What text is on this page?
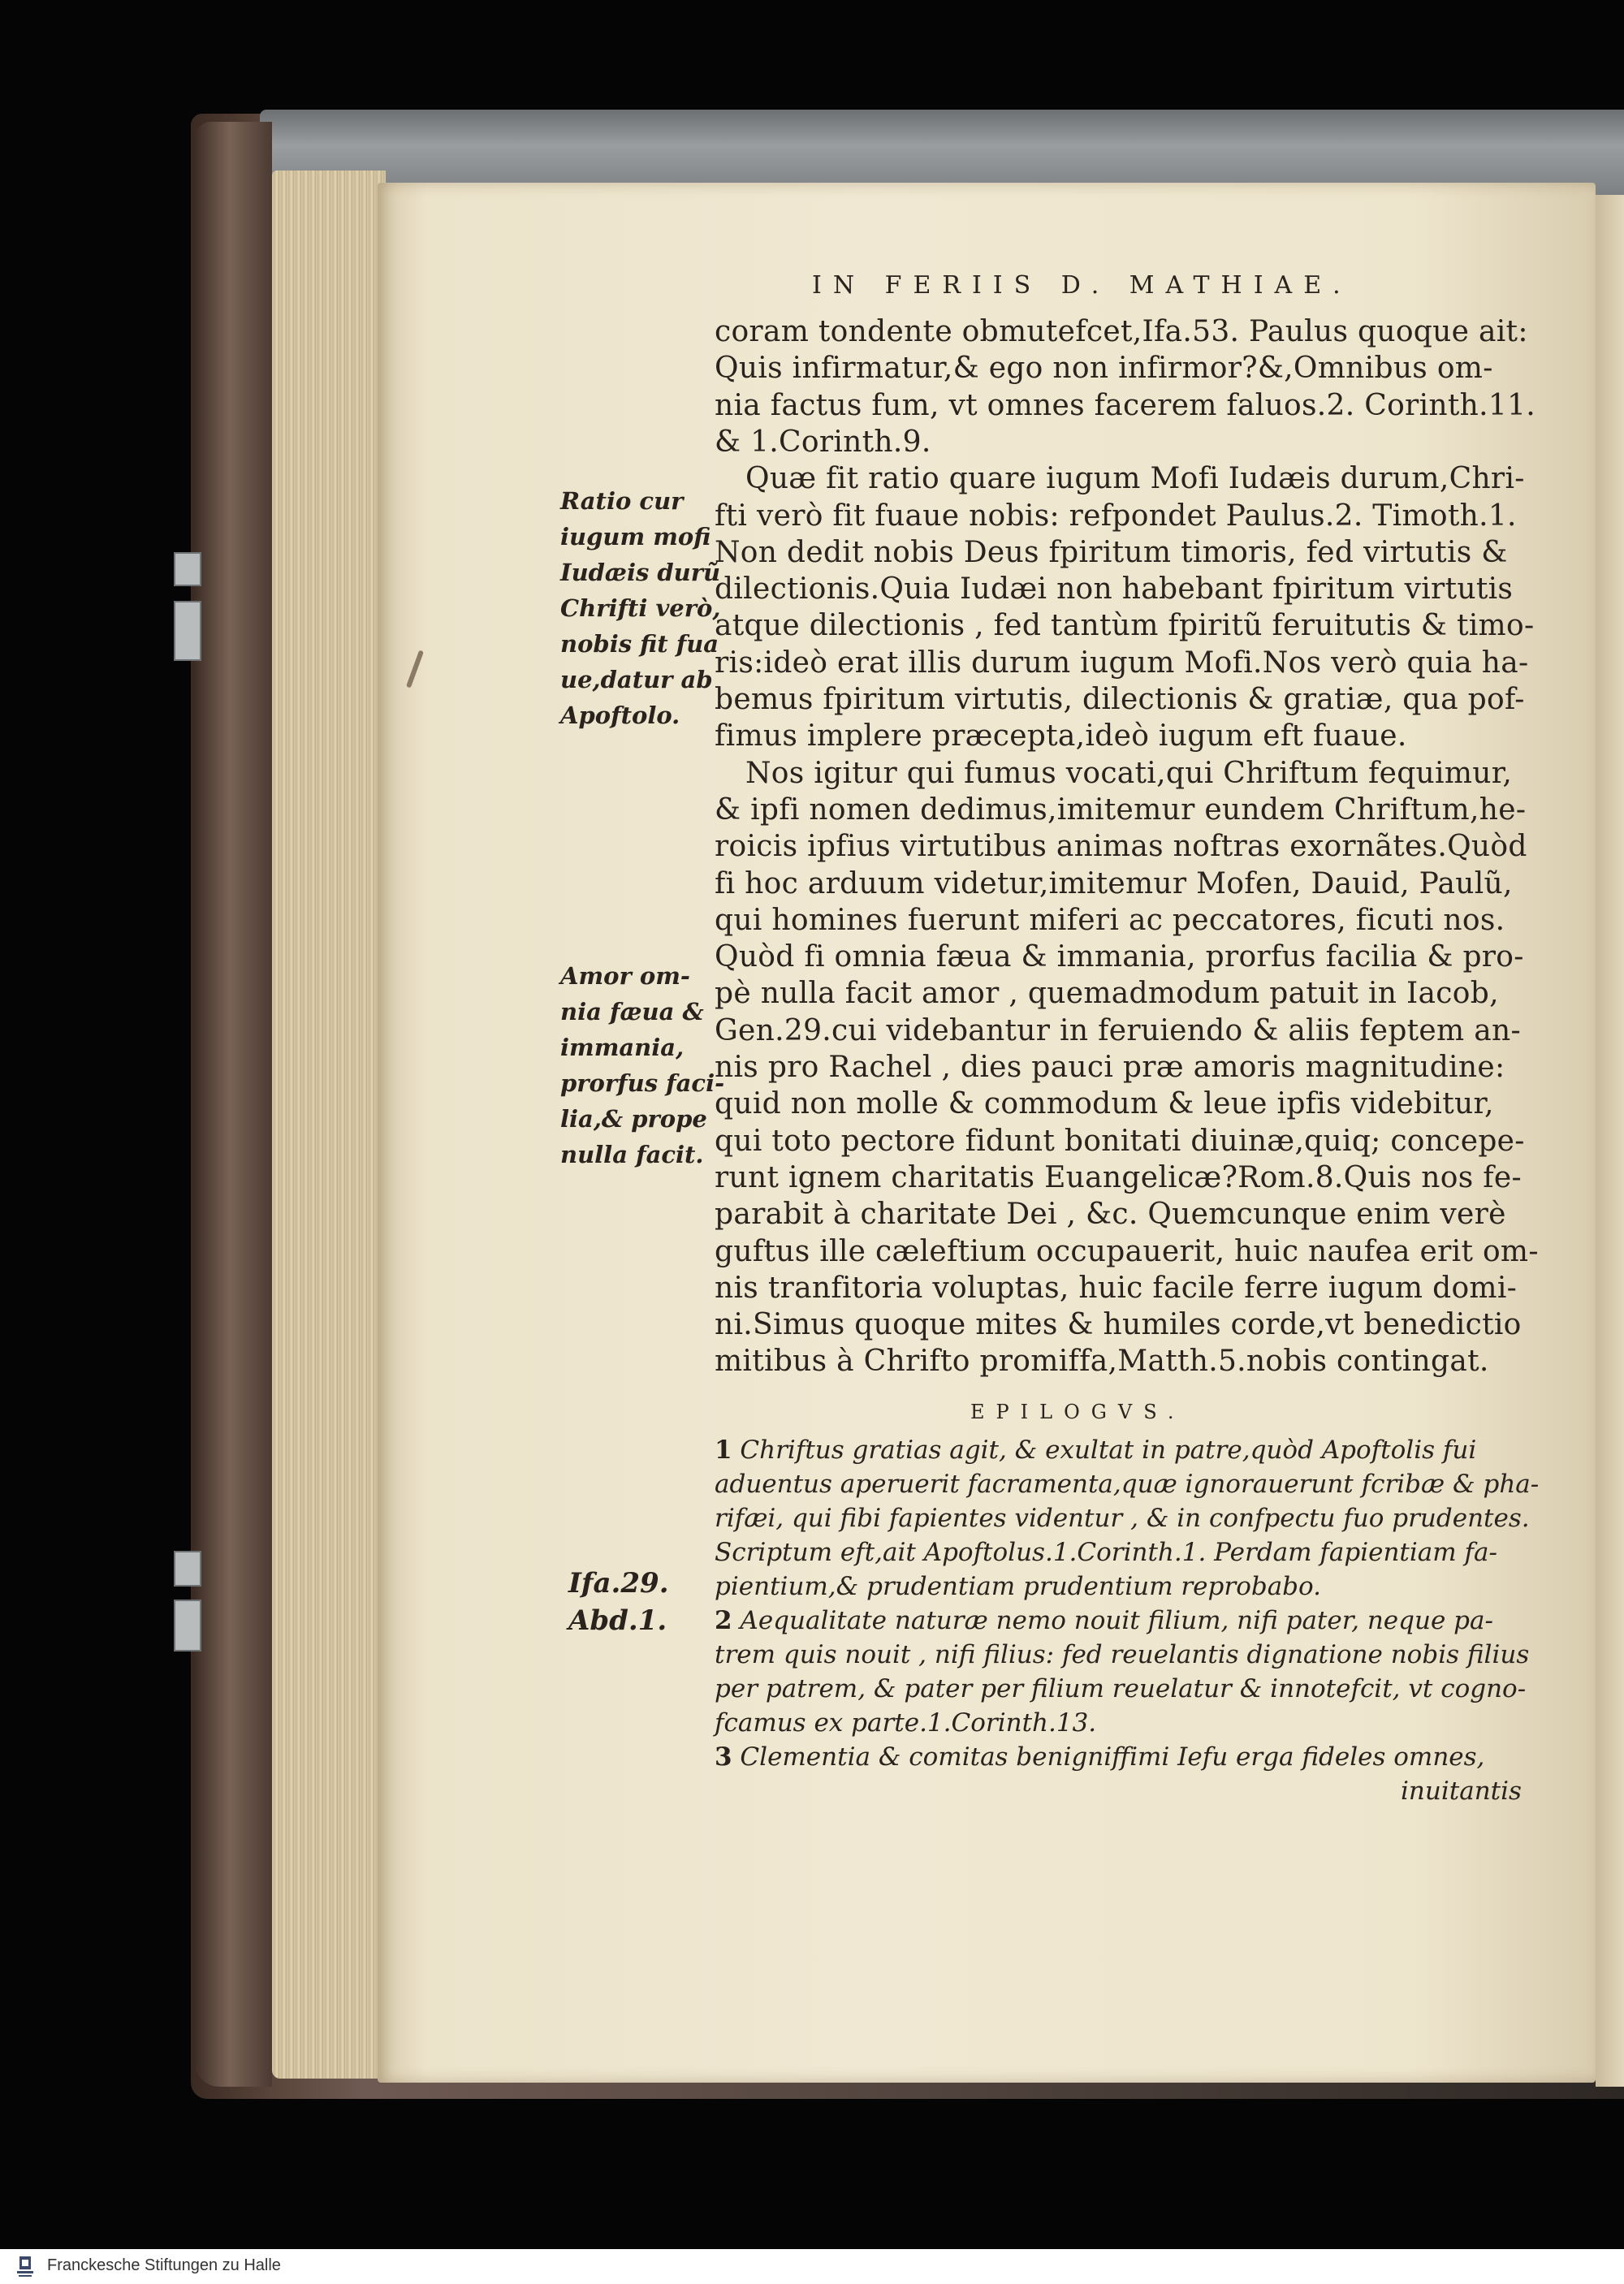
IN FERIIS D. MATHIAE.
coram tondente obmutefcet,Ifa.53. Paulus quoque ait:
Quis infirmatur,& ego non infirmor?&,Omnibus om-
nia factus fum, vt omnes facerem faluos.2. Corinth.11.
& 1.Corinth.9.
Quæ fit ratio quare iugum Mofi Iudæis durum,Chri-
fti verò fit fuaue nobis: refpondet Paulus.2. Timoth.1.
Non dedit nobis Deus fpiritum timoris, fed virtutis &
dilectionis.Quia Iudæi non habebant fpiritum virtutis
atque dilectionis , fed tantùm fpiritũ feruitutis & timo-
ris:ideò erat illis durum iugum Mofi.Nos verò quia ha-
bemus fpiritum virtutis, dilectionis & gratiæ, qua pof-
fimus implere præcepta,ideò iugum eft fuaue.
Nos igitur qui fumus vocati,qui Chriftum fequimur,
& ipfi nomen dedimus,imitemur eundem Chriftum,he-
roicis ipfius virtutibus animas noftras exornãtes.Quòd
fi hoc arduum videtur,imitemur Mofen, Dauid, Paulũ,
qui homines fuerunt miferi ac peccatores, ficuti nos.
Quòd fi omnia fæua & immania, prorfus facilia & pro-
pè nulla facit amor , quemadmodum patuit in Iacob,
Gen.29.cui videbantur in feruiendo & aliis feptem an-
nis pro Rachel , dies pauci præ amoris magnitudine:
quid non molle & commodum & leue ipfis videbitur,
qui toto pectore fidunt bonitati diuinæ,quiq; concepe-
runt ignem charitatis Euangelicæ?Rom.8.Quis nos fe-
parabit à charitate Dei , &c. Quemcunque enim verè
guftus ille cæleftium occupauerit, huic naufea erit om-
nis tranfitoria voluptas, huic facile ferre iugum domi-
ni.Simus quoque mites & humiles corde,vt benedictio
mitibus à Chrifto promiffa,Matth.5.nobis contingat.
Ratio cur
iugum mofi
Iudæis durũ
Chrifti verò,
nobis fit fua
ue,datur ab
Apoftolo.
Amor om-
nia fæua &
immania,
prorfus faci-
lia,& prope
nulla facit.
EPILOGVS.
1 Chriftus gratias agit, & exultat in patre,quòd Apoftolis fui
aduentus aperuerit facramenta,quæ ignorauerunt fcribæ & pha-
rifæi, qui fibi fapientes videntur , & in confpectu fuo prudentes.
Scriptum eft,ait Apoftolus.1.Corinth.1. Perdam fapientiam fa-
pientium,& prudentiam prudentium reprobabo.
2 Aequalitate naturæ nemo nouit filium, nifi pater, neque pa-
trem quis nouit , nifi filius: fed reuelantis dignatione nobis filius
per patrem, & pater per filium reuelatur & innotefcit, vt cogno-
fcamus ex parte.1.Corinth.13.
3 Clementia & comitas benigniffimi Iefu erga fideles omnes,
inuitantis
Ifa.29.
Abd.1.
Franckesche Stiftungen zu Halle
